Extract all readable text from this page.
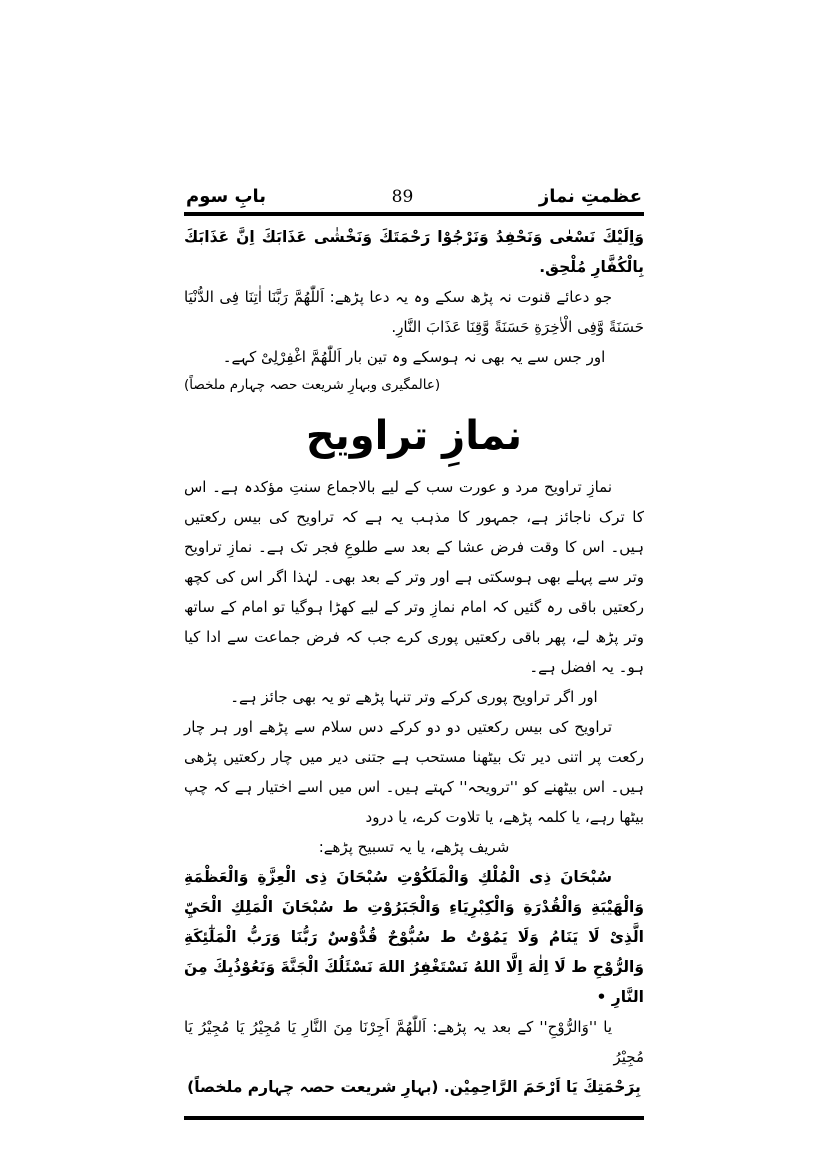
عظمتِ نماز
89
بابِ سوم

وَاِلَيْكَ نَسْعٰى وَنَحْفِدُ وَنَرْجُوْا رَحْمَتَكَ وَنَخْشٰى عَذَابَكَ اِنَّ عَذَابَكَ بِالْكُفَّارِ مُلْحِق.

جو دعائے قنوت نہ پڑھ سکے وہ یہ دعا پڑھے: اَللّٰهُمَّ رَبَّنَا اٰتِنَا فِی الدُّنْیَا حَسَنَةً وَّفِی الْاٰخِرَةِ حَسَنَةً وَّقِنَا عَذَابَ النَّارِ.

اور جس سے یہ بھی نہ ہوسکے وہ تین بار اَللّٰهُمَّ اغْفِرْلِیْ کہے۔

(عالمگیری وبہارِ شریعت حصہ چہارم ملخصاً)

نمازِ تراویح

نمازِ تراویح مرد و عورت سب کے لیے بالاجماع سنتِ مؤکدہ ہے۔ اس کا ترک ناجائز ہے، جمہور کا مذہب یہ ہے کہ تراویح کی بیس رکعتیں ہیں۔ اس کا وقت فرض عشا کے بعد سے طلوعِ فجر تک ہے۔ نمازِ تراویح وتر سے پہلے بھی ہوسکتی ہے اور وتر کے بعد بھی۔ لہٰذا اگر اس کی کچھ رکعتیں باقی رہ گئیں کہ امام نمازِ وتر کے لیے کھڑا ہوگیا تو امام کے ساتھ وتر پڑھ لے، پھر باقی رکعتیں پوری کرے جب کہ فرض جماعت سے ادا کیا ہو۔ یہ افضل ہے۔

اور اگر تراویح پوری کرکے وتر تنہا پڑھے تو یہ بھی جائز ہے۔

تراویح کی بیس رکعتیں دو دو کرکے دس سلام سے پڑھے اور ہر چار رکعت پر اتنی دیر تک بیٹھنا مستحب ہے جتنی دیر میں چار رکعتیں پڑھی ہیں۔ اس بیٹھنے کو ''ترویحہ'' کہتے ہیں۔ اس میں اسے اختیار ہے کہ چپ بیٹھا رہے، یا کلمہ پڑھے، یا تلاوت کرے، یا درود

شریف پڑھے، یا یہ تسبیح پڑھے:

سُبْحَانَ ذِی الْمُلْكِ وَالْمَلَكُوْتِ سُبْحَانَ ذِی الْعِزَّةِ وَالْعَظْمَةِ وَالْهَيْبَةِ وَالْقُدْرَةِ وَالْكِبْرِيَاءِ وَالْجَبَرُوْتِ ط سُبْحَانَ الْمَلِكِ الْحَيِّ الَّذِیْ لَا يَنَامُ وَلَا يَمُوْتُ ط سُبُّوْحٌ قُدُّوْسٌ رَبُّنَا وَرَبُّ الْمَلٰٓئِكَةِ وَالرُّوْحِ ط لَا اِلٰهَ اِلَّا اللهُ نَسْتَغْفِرُ اللهَ نَسْئَلُكَ الْجَنَّةَ وَنَعُوْذُبِكَ مِنَ النَّارِ •

یا ''وَالرُّوْحِ'' کے بعد یہ پڑھے: اَللّٰهُمَّ اَجِرْنَا مِنَ النَّارِ يَا مُجِيْرُ يَا مُجِيْرُ يَا مُجِيْرُ

بِرَحْمَتِكَ يَا اَرْحَمَ الرَّاحِمِيْن. (بہارِ شریعت حصہ چہارم ملخصاً)
